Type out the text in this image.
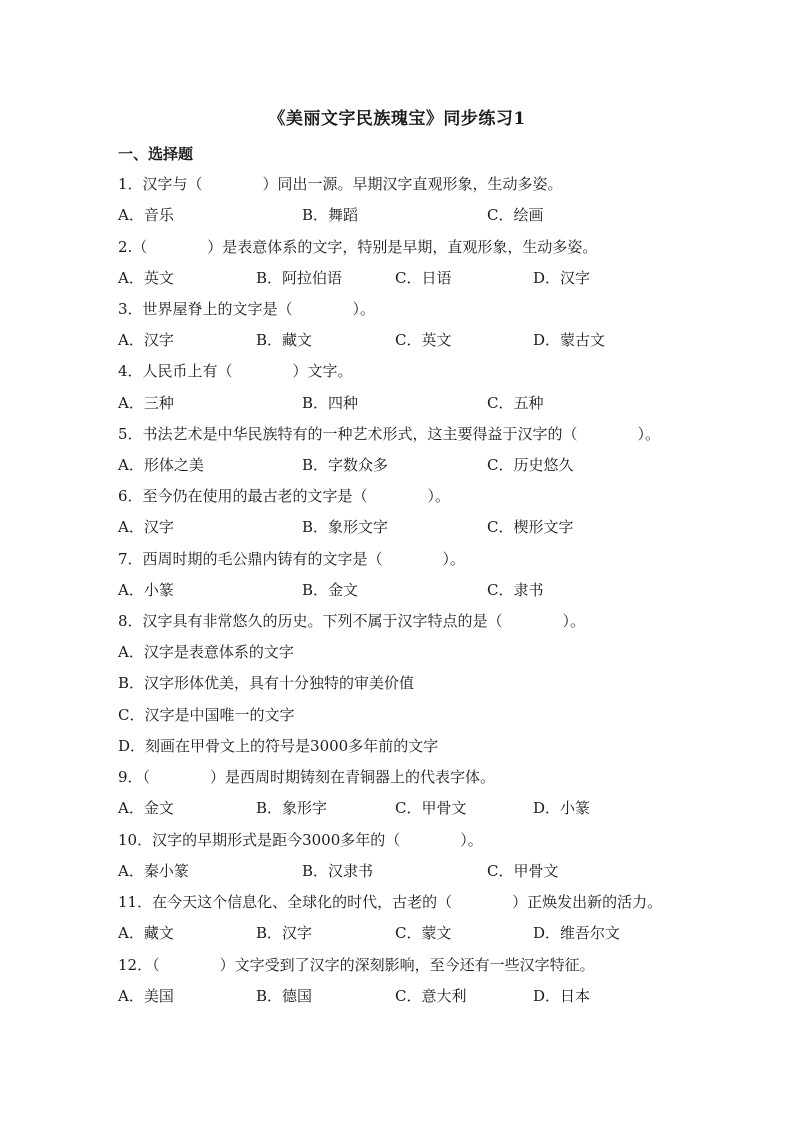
《美丽文字民族瑰宝》同步练习1
一、选择题
1．汉字与（　　　　）同出一源。早期汉字直观形象，生动多姿。
A．音乐	B．舞蹈	C．绘画
2.（　　　　）是表意体系的文字，特别是早期，直观形象，生动多姿。
A．英文	B．阿拉伯语	C．日语	D．汉字
3．世界屋脊上的文字是（　　　　）。
A．汉字	B．藏文	C．英文	D．蒙古文
4．人民币上有（　　　　）文字。
A．三种	B．四种	C．五种
5．书法艺术是中华民族特有的一种艺术形式，这主要得益于汉字的（　　　　）。
A．形体之美	B．字数众多	C．历史悠久
6．至今仍在使用的最古老的文字是（　　　　）。
A．汉字	B．象形文字	C．楔形文字
7．西周时期的毛公鼎内铸有的文字是（　　　　）。
A．小篆	B．金文	C．隶书
8．汉字具有非常悠久的历史。下列不属于汉字特点的是（　　　　）。
A．汉字是表意体系的文字
B．汉字形体优美，具有十分独特的审美价值
C．汉字是中国唯一的文字
D．刻画在甲骨文上的符号是3000多年前的文字
9．（　　　　）是西周时期铸刻在青铜器上的代表字体。
A．金文	B．象形字	C．甲骨文	D．小篆
10．汉字的早期形式是距今3000多年的（　　　　）。
A．秦小篆	B．汉隶书	C．甲骨文
11．在今天这个信息化、全球化的时代，古老的（　　　　）正焕发出新的活力。
A．藏文	B．汉字	C．蒙文	D．维吾尔文
12．（　　　　）文字受到了汉字的深刻影响，至今还有一些汉字特征。
A．美国	B．德国	C．意大利	D．日本
